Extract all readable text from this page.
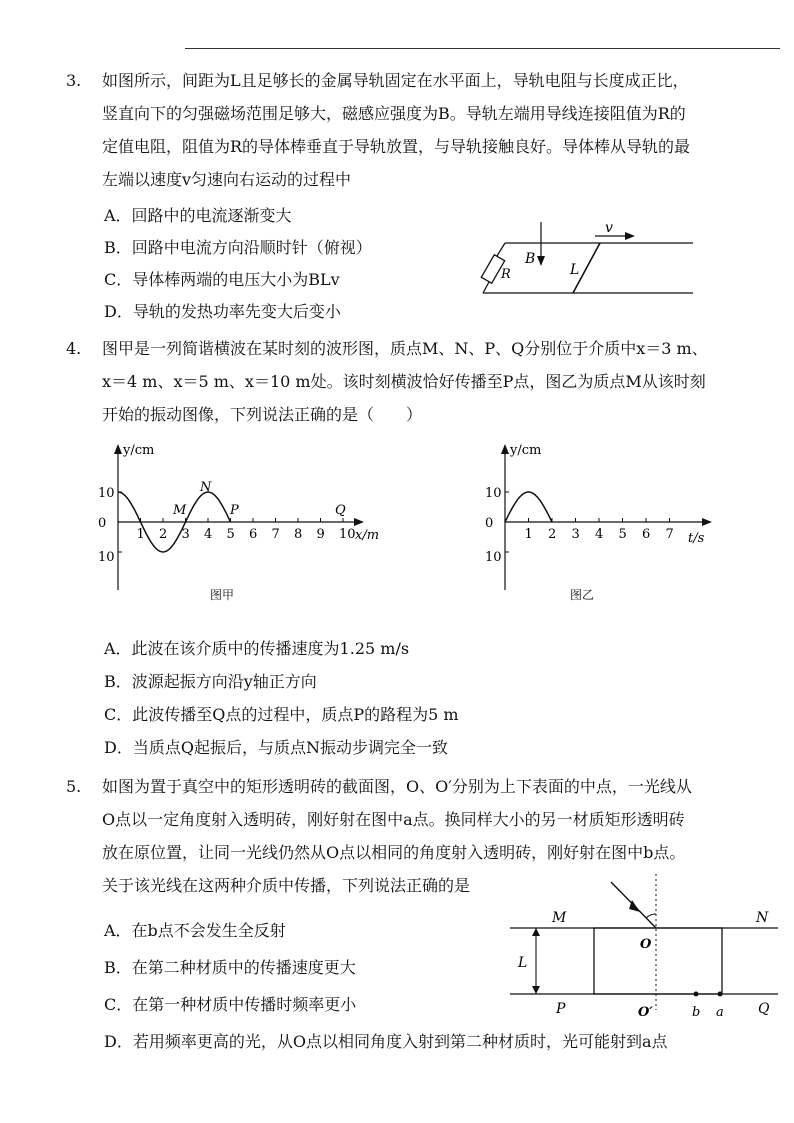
3. 如图所示，间距为L且足够长的金属导轨固定在水平面上，导轨电阻与长度成正比，
竖直向下的匀强磁场范围足够大，磁感应强度为B。导轨左端用导线连接阻值为R的
定值电阻，阻值为R的导体棒垂直于导轨放置，与导轨接触良好。导体棒从导轨的最
左端以速度v匀速向右运动的过程中
A．回路中的电流逐渐变大
B．回路中电流方向沿顺时针（俯视）
C．导体棒两端的电压大小为BLv
D．导轨的发热功率先变大后变小
v
B
L
R
4. 图甲是一列简谐横波在某时刻的波形图，质点M、N、P、Q分别位于介质中x＝3 m、
x＝4 m、x＝5 m、x＝10 m处。该时刻横波恰好传播至P点，图乙为质点M从该时刻
开始的振动图像，下列说法正确的是（　　）
y/cm
x/m
1 2 3 4 5 6 7 8 9 10
10
0
10
M
N
P	Q
图甲
y/cm
t/s
1 2 3 4 5 6 7
10
0
10
图乙
A．此波在该介质中的传播速度为1.25 m/s
B．波源起振方向沿y轴正方向
C．此波传播至Q点的过程中，质点P的路程为5 m
D．当质点Q起振后，与质点N振动步调完全一致
5. 如图为置于真空中的矩形透明砖的截面图，O、O′分别为上下表面的中点，一光线从
O点以一定角度射入透明砖，刚好射在图中a点。换同样大小的另一材质矩形透明砖
放在原位置，让同一光线仍然从O点以相同的角度射入透明砖，刚好射在图中b点。
关于该光线在这两种介质中传播，下列说法正确的是
A．在b点不会发生全反射
B．在第二种材质中的传播速度更大
C．在第一种材质中传播时频率更小
D．若用频率更高的光，从O点以相同角度入射到第二种材质时，光可能射到a点
M	N
O
L
P	O′	b a Q
